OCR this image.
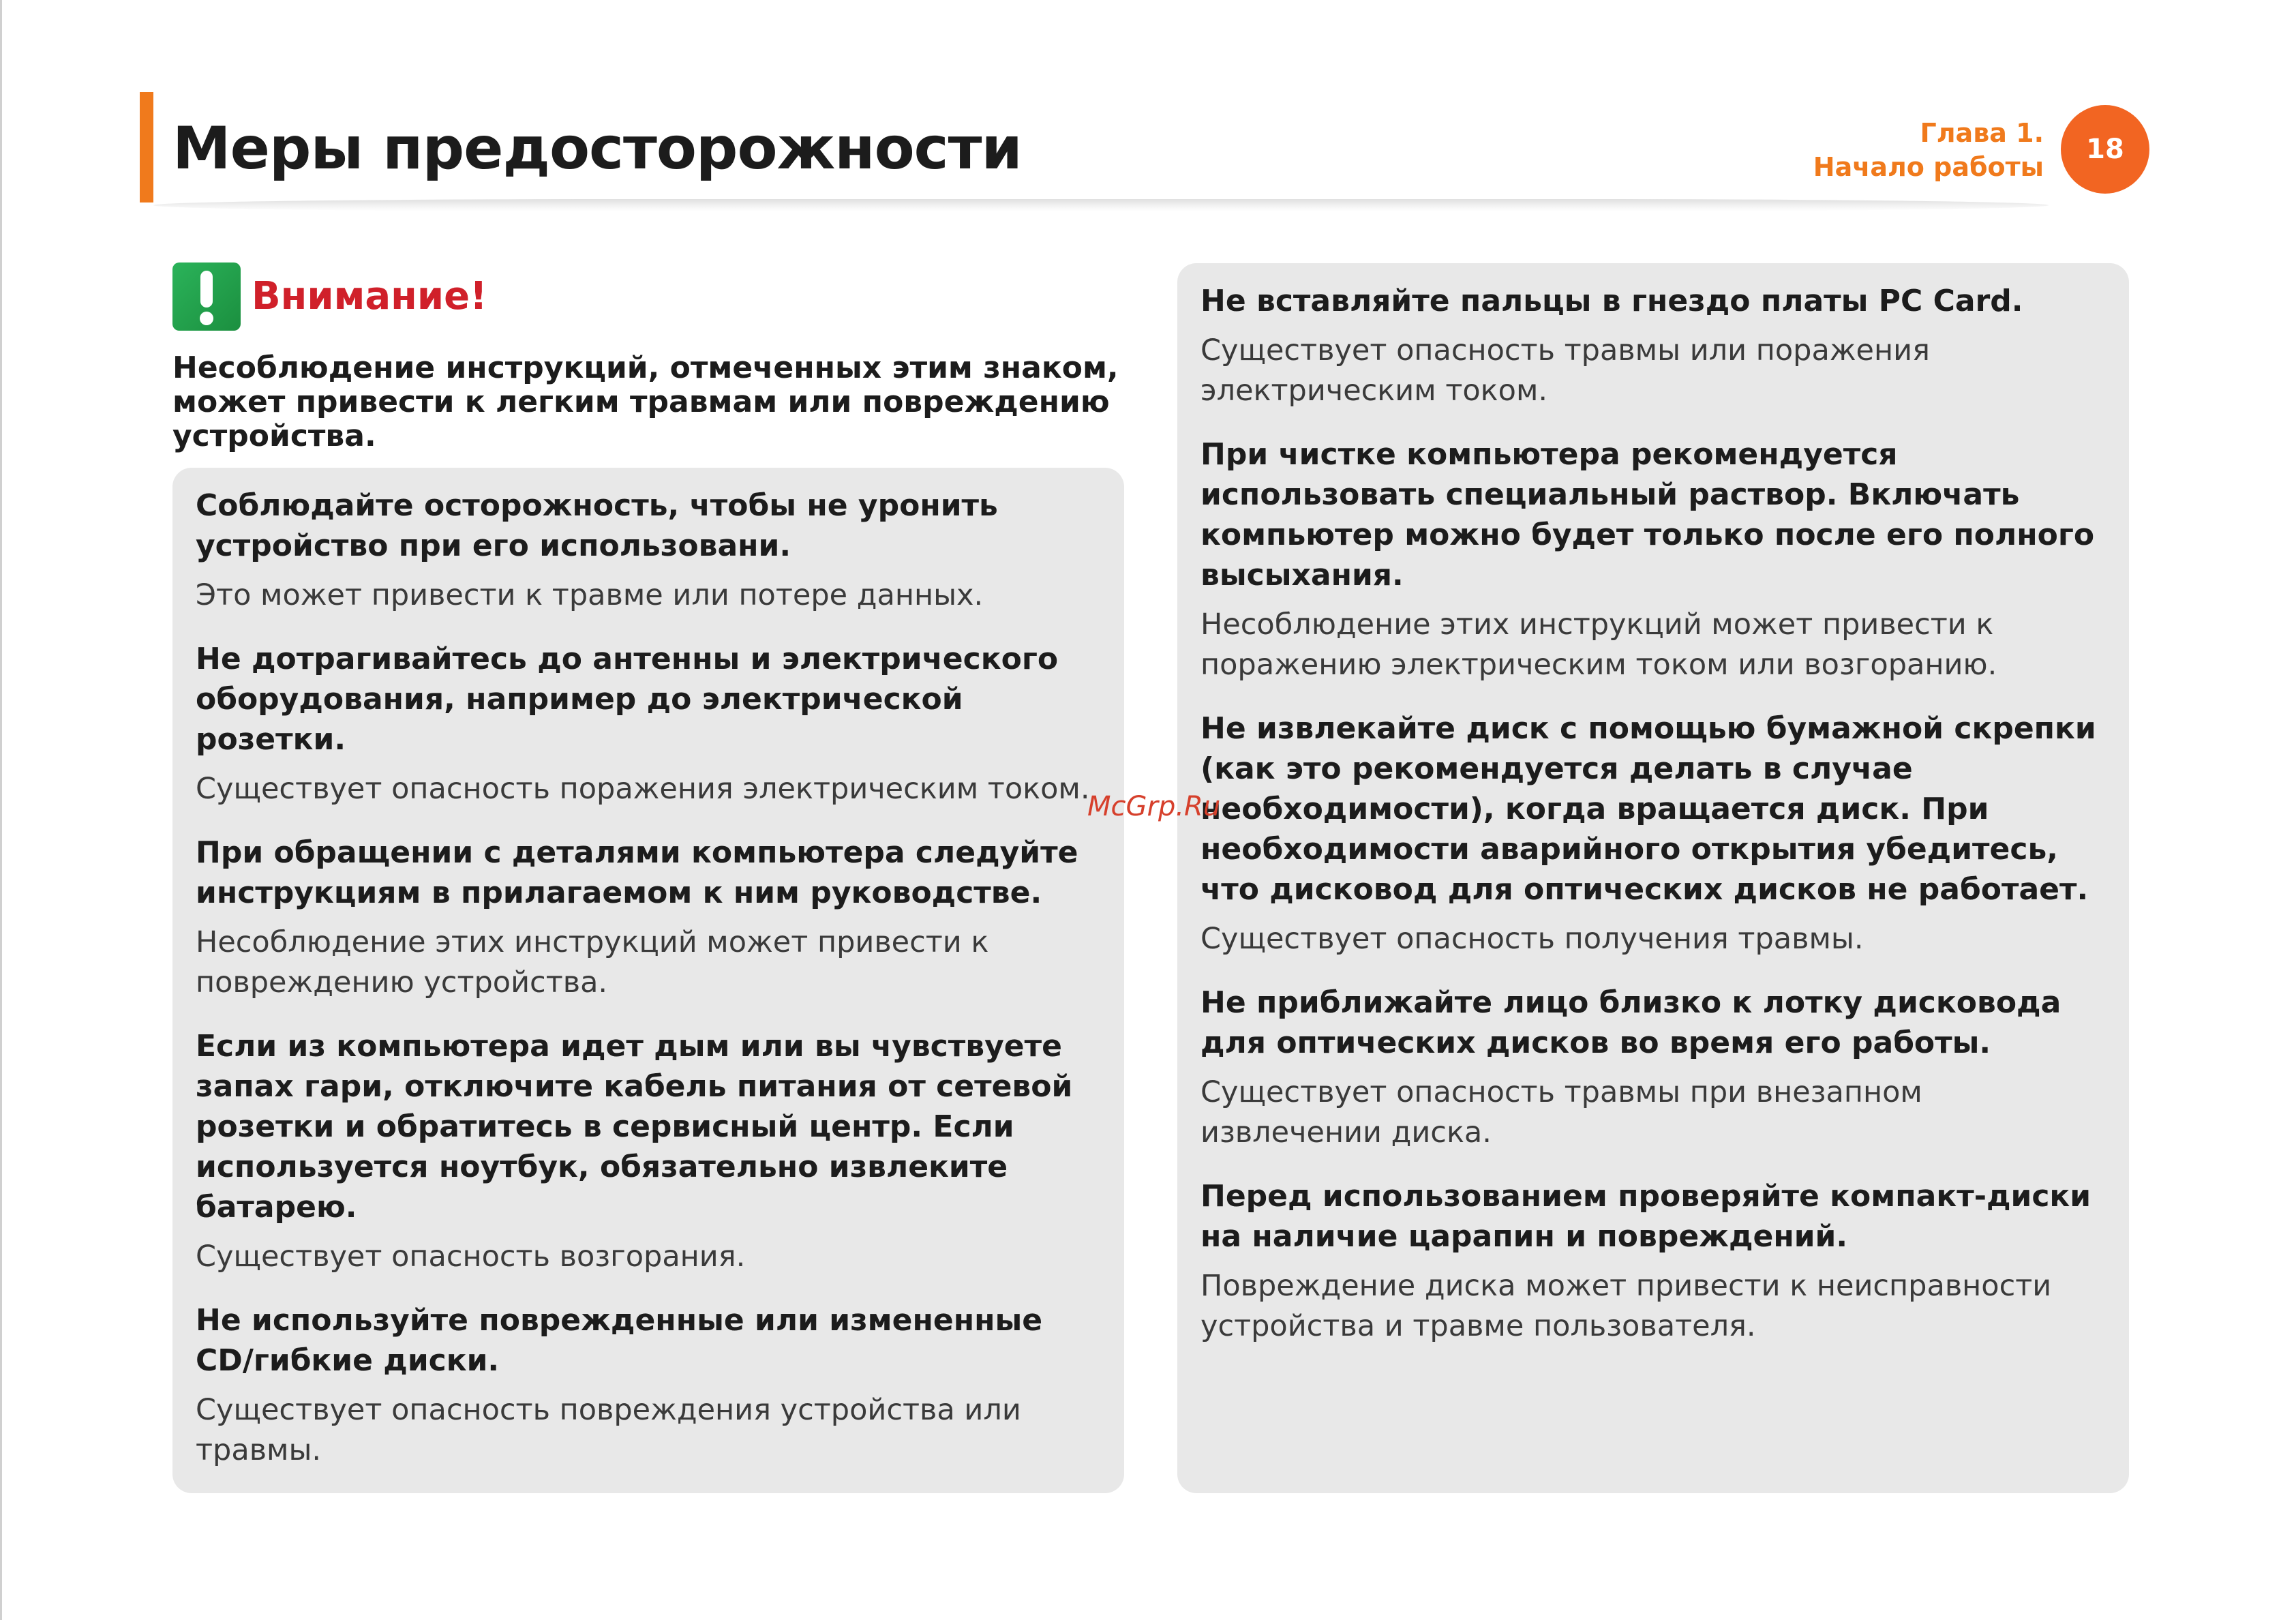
Меры предосторожности	Глава 1.
Начало работы
18
Внимание!

Несоблюдение инструкций, отмеченных этим знаком, может привести к легким травмам или повреждению устройства.

Соблюдайте осторожность, чтобы не уронить устройство при его использовани.

Это может привести к травме или потере данных.

Не дотрагивайтесь до антенны и электрического оборудования, например до электрической розетки.

Существует опасность поражения электрическим током.

При обращении с деталями компьютера следуйте инструкциям в прилагаемом к ним руководстве.

Несоблюдение этих инструкций может привести к повреждению устройства.

Если из компьютера идет дым или вы чувствуете запах гари, отключите кабель питания от сетевой розетки и обратитесь в сервисный центр. Если используется ноутбук, обязательно извлеките батарею.

Существует опасность возгорания.

Не используйте поврежденные или измененные CD/гибкие диски.

Существует опасность повреждения устройства или травмы.

Не вставляйте пальцы в гнездо платы PC Card.

Существует опасность травмы или поражения электрическим током.

При чистке компьютера рекомендуется использовать специальный раствор. Включать компьютер можно будет только после его полного высыхания.

Несоблюдение этих инструкций может привести к поражению электрическим током или возгоранию.

Не извлекайте диск с помощью бумажной скрепки (как это рекомендуется делать в случае необходимости), когда вращается диск. При необходимости аварийного открытия убедитесь, что дисковод для оптических дисков не работает.

Существует опасность получения травмы.

Не приближайте лицо близко к лотку дисковода для оптических дисков во время его работы.

Существует опасность травмы при внезапном извлечении диска.

Перед использованием проверяйте компакт-диски на наличие царапин и повреждений.

Повреждение диска может привести к неисправности устройства и травме пользователя.

McGrp.Ru
